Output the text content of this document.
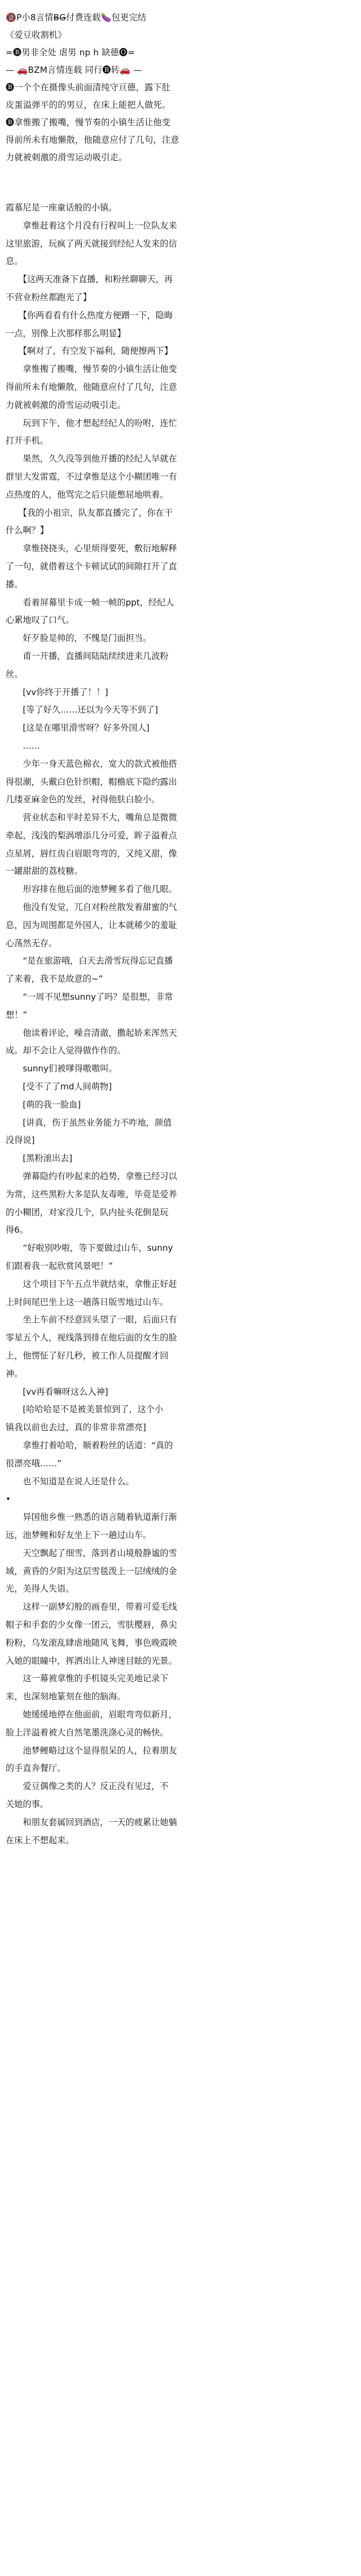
🔞P小8言情B̶G̶付费连载🍆包更完结
《爱豆收割机》
=🅑男非全处 虐男 np h 缺德🅞=
— 🚗BZM言情连载 同行🅑转🚗 —
🅑一个个在摄像头前面清纯守亘德，露下肚
皮蛋溢弹平的的男豆，在床上能把人做死。
🅑拿惟搬了搬嘴，慢节奏的小镇生活让他变
得前所未有地懒散，他随意应付了几句，注意
力就被刺激的滑雪运动吸引走。
霞慕尼是一座童话般的小镇。
　　拿惟赶着这个月没有行程叫上一位队友来
这里旅游，玩疯了两天就接到经纪人发来的信
息。
　　【这两天准备下直播，和粉丝聊聊天，再
不营业粉丝都跑光了】
　　【你两看看有什么热度方便蹭一下，隐晦
一点，别像上次那样那么明显】
　　【啊对了，有空发下福利，随便擦两下】
　　拿惟搬了搬嘴，慢节奏的小镇生活让他变
得前所未有地懒散，他随意应付了几句，注意
力就被刺激的滑雪运动吸引走。
　　玩到下午，他才想起经纪人的吩咐，连忙
打开手机。
　　果然，久久没等到他开播的经纪人早就在
群里大发雷霆，不过拿惟是这个小糊团唯一有
点热度的人，他骂完之后只能憋屈地哄着。
　　【我的小祖宗，队友都直播完了，你在干
什么啊？】
　　拿惟挠挠头，心里烦得要死，敷衍地解释
了一句，就借着这个卡顿试试的间隙打开了直
播。
　　看着屏幕里卡成一帧一帧的ppt，经纪人
心累地叹了口气。
　　好歹脸是帅的，不愧是门面担当。
　　甫一开播，直播间陆陆续续进来几波粉
丝。
　　[vv你终于开播了！！]
　　[等了好久……还以为今天等不到了]
　　[这是在哪里滑雪呀？好多外国人]
　　……
　　少年一身天蓝色棉衣，宽大的款式被他搭
得很潮，头戴白色针织帽，帽檐底下隐约露出
几缕亚麻金色的发丝，衬得他肤白脸小。
　　营业状态和平时差异不大，嘴角总是微微
牵起，浅浅的梨涡增添几分可爱，眸子溢着点
点星屑，唇红齿白眉眼弯弯的，又纯又甜，像
一罐甜甜的荔枝糖。
　　形容排在他后面的池梦鲤多看了他几眼。
　　他没有发觉，兀自对粉丝散发着甜蜜的气
息，因为周围都是外国人，让本就稀少的羞耻
心荡然无存。
　　“是在旅游哦，白天去滑雪玩得忘记直播
了来着，我不是故意的~”
　　“一周不见想sunny了吗？是很想，非常
想！”
　　他读着评论，噪音清澈，撒起娇来浑然天
成。却不会让人觉得做作作的。
　　sunny们被嗲得嗷嗷叫。
　　[受不了了md人间萌物]
　　[萌的我一脸血]
　　[讲真，伤于虽然业务能力不咋地，颜值
没得说]
　　[黑粉滚出去]
　　弹幕隐约有吵起来的趋势，拿惟已经习以
为常，这些黑粉大多是队友毒唯，毕竟是爱养
的小糊团，对家没几个，队内扯头花倒是玩
得6。
　　“好啦别吵啦，等下要做过山车，sunny
们跟着我一起欣赏风景吧！”
　　这个项目下午五点半就结束，拿惟正好赶
上时间尾巴坐上这一趟落日版雪地过山车。
　　坐上车前不经意回头望了一眼，后面只有
零星五个人，视线落到排在他后面的女生的脸
上，他愣怔了好几秒，被工作人员提醒才回
神。
　　[vv再看嘛呀这么入神]
　　[哈哈哈是不是被美景惊到了，这个小
镇我以前也去过，真的非常非常漂亮]
　　拿惟打着哈哈，顺着粉丝的话道：“真的
很漂亮哦……”
　　也不知道是在说人还是什么。
•
　　异国他乡惟一熟悉的语言随着轨道渐行渐
远，池梦鲤和好友坐上下一趟过山车。
　　天空飘起了细雪，落到者山境般静谧的雪
域，黄昏的夕阳为这层雪毯泼上一层绒绒的金
光，美得人失语。
　　这样一副梦幻般的画卷里，带着可爱毛线
帽子和手套的少女像一团云，雪肤樱唇，鼻尖
粉粉，乌发滚乱肆虐地随风飞舞，事色晚霞映
入她的眼瞳中，挥洒出让人神迷目眩的光景。
　　这一幕被拿惟的手机镜头完美地记录下
来，也深刻地篆刻在他的脑海。
　　她缓缓地停在他面前，眉眼弯弯似新月，
脸上洋溢着被大自然笔墨洗涤心灵的畅快。
　　池梦鲤略过这个显得很呆的人，拉着朋友
的手直奔餐厅。
　　爱豆偶像之类的人？反正没有见过，不
关她的事。
　　和朋友套属回到酒店，一天的疲累让她躺
在床上不想起来。
